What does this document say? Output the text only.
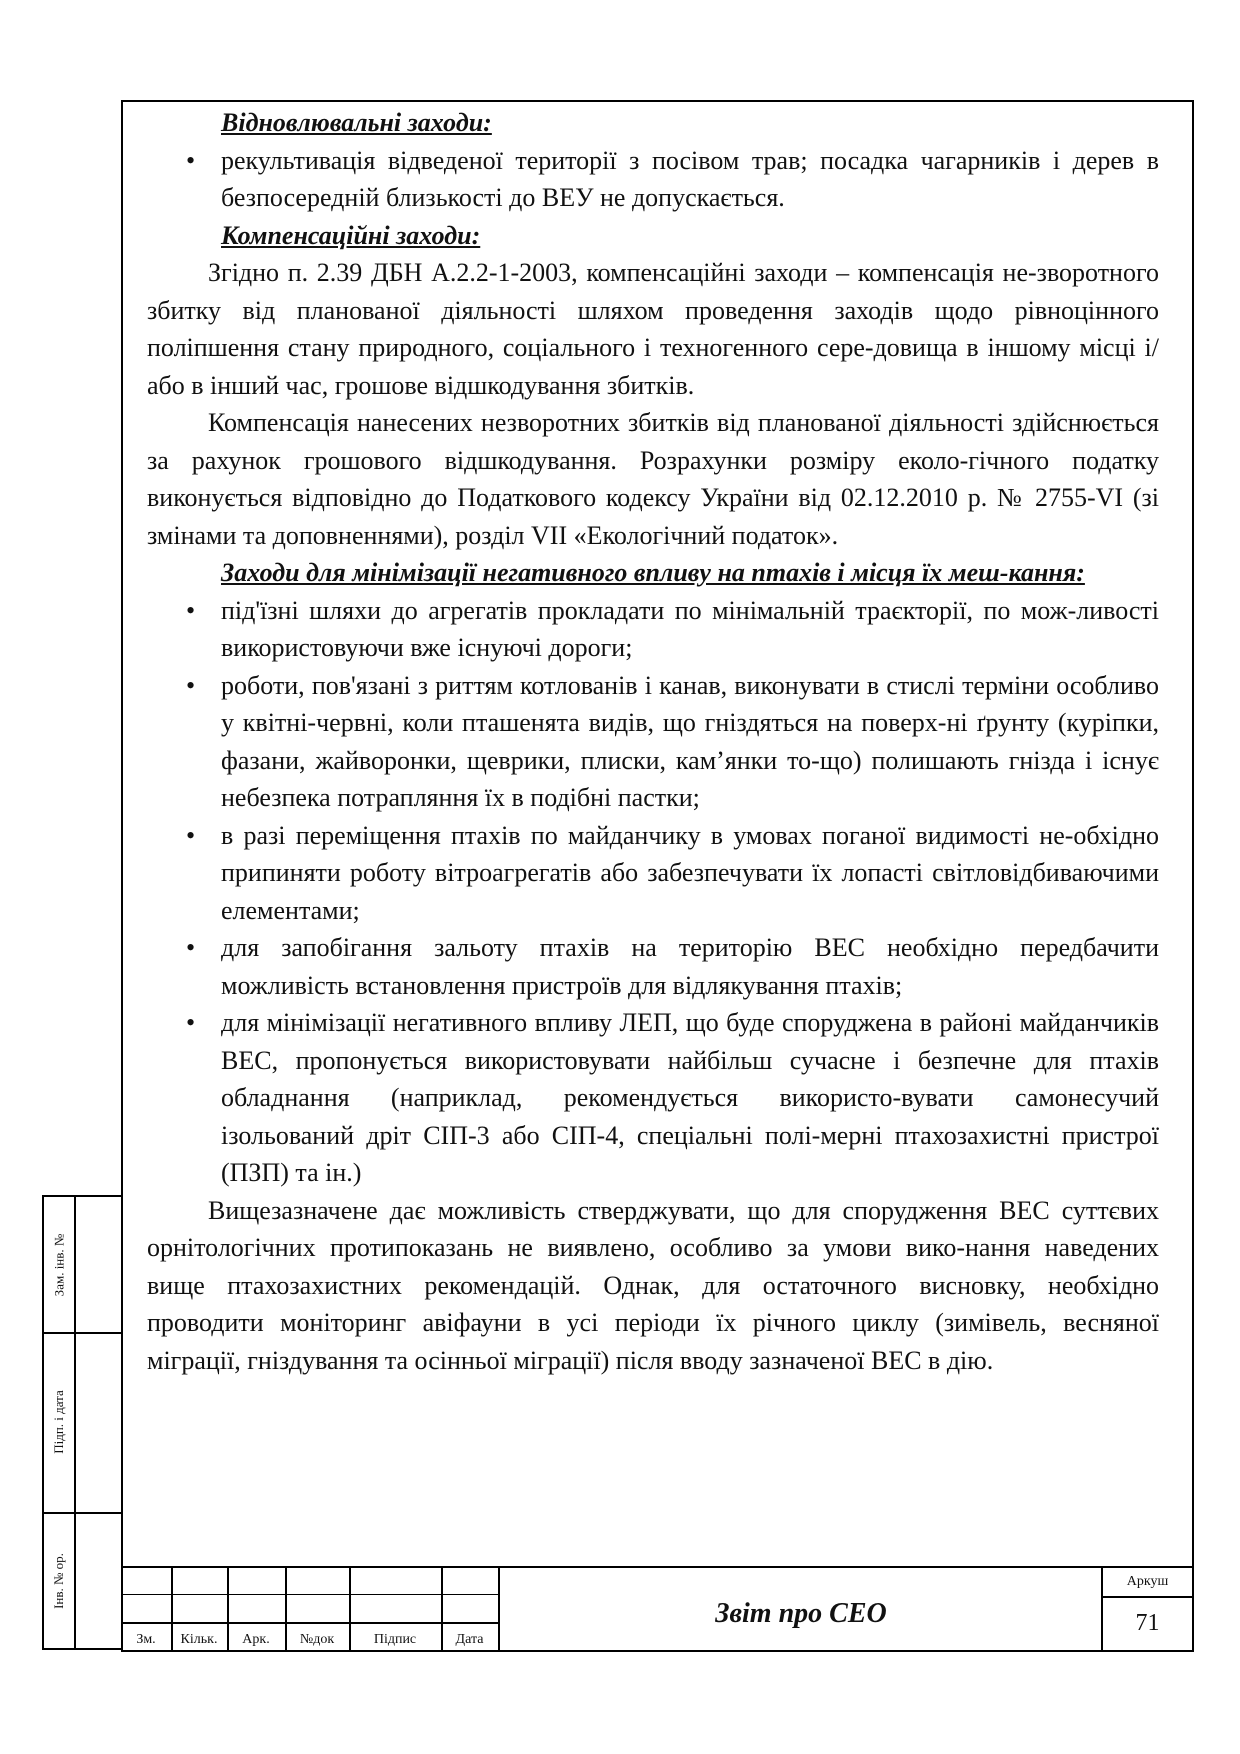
Відновлювальні заходи:

• рекультивація відведеної території з посівом трав; посадка чагарників і дерев в безпосередній близькості до ВЕУ не допускається.

Компенсаційні заходи:

Згідно п. 2.39 ДБН А.2.2-1-2003, компенсаційні заходи – компенсація не-зворотного збитку від планованої діяльності шляхом проведення заходів щодо рівноцінного поліпшення стану природного, соціального і техногенного сере-довища в іншому місці і/або в інший час, грошове відшкодування збитків.

Компенсація нанесених незворотних збитків від планованої діяльності здійснюється за рахунок грошового відшкодування. Розрахунки розміру еколо-гічного податку виконується відповідно до Податкового кодексу України від 02.12.2010 р. № 2755-VI (зі змінами та доповненнями), розділ VII «Екологічний податок».

Заходи для мінімізації негативного впливу на птахів і місця їх меш-кання:

• під'їзні шляхи до агрегатів прокладати по мінімальній траєкторії, по мож-ливості використовуючи вже існуючі дороги;
• роботи, пов'язані з риттям котлованів і канав, виконувати в стислі терміни особливо у квітні-червні, коли пташенята видів, що гніздяться на поверх-ні ґрунту (куріпки, фазани, жайворонки, щеврики, плиски, кам’янки то-що) полишають гнізда і існує небезпека потрапляння їх в подібні пастки;
• в разі переміщення птахів по майданчику в умовах поганої видимості не-обхідно припиняти роботу вітроагрегатів або забезпечувати їх лопасті світловідбиваючими елементами;
• для запобігання зальоту птахів на територію ВЕС необхідно передбачити можливість встановлення пристроїв для відлякування птахів;
• для мінімізації негативного впливу ЛЕП, що буде споруджена в районі майданчиків ВЕС, пропонується використовувати найбільш сучасне і безпечне для птахів обладнання (наприклад, рекомендується використо-вувати самонесучий ізольований дріт СІП-3 або СІП-4, спеціальні полі-мерні птахозахистні пристрої (ПЗП) та ін.)

Вищезазначене дає можливість стверджувати, що для спорудження ВЕС суттєвих орнітологічних протипоказань не виявлено, особливо за умови вико-нання наведених вище птахозахистних рекомендацій. Однак, для остаточного висновку, необхідно проводити моніторинг авіфауни в усі періоди їх річного циклу (зимівель, весняної міграції, гніздування та осінньої міграції) після вводу зазначеної ВЕС в дію.

Зам. інв. №
Підп. і дата
Інв. № ор.
Зм.	Кільк.	Арк.	№док	Підпис	Дата
Звіт про СЕО
Аркуш
71
